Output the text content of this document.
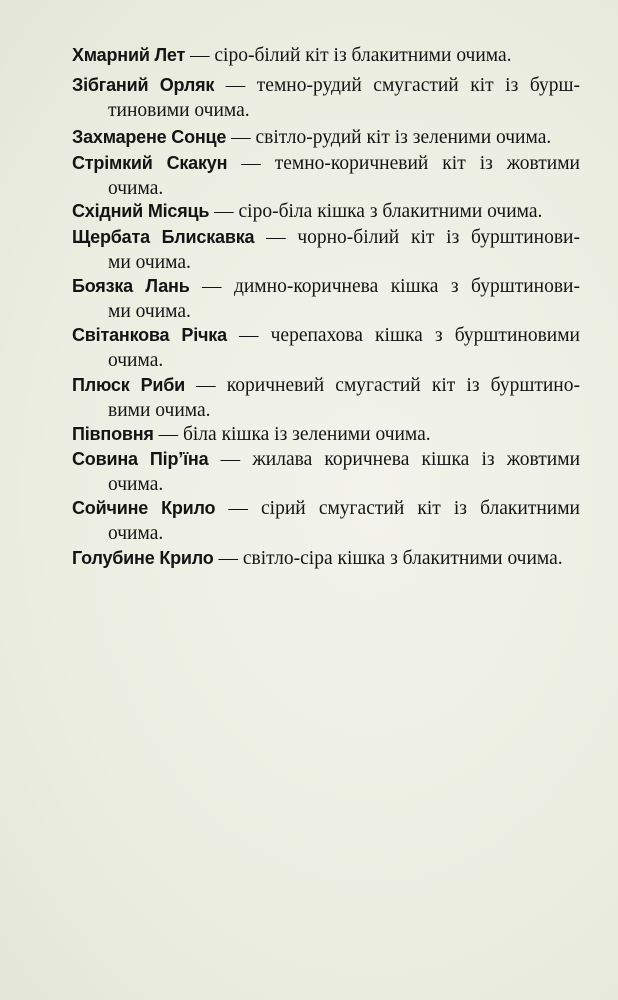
Хмарний Лет — сіро-білий кіт із блакитними очима.
Зібганий Орляк — темно-рудий смугастий кіт із бурш-
тиновими очима.
Захмарене Сонце — світло-рудий кіт із зеленими очима.
Стрімкий Скакун — темно-коричневий кіт із жовтими
очима.
Східний Місяць — сіро-біла кішка з блакитними очима.
Щербата Блискавка — чорно-білий кіт із бурштинови-
ми очима.
Боязка Лань — димно-коричнева кішка з бурштинови-
ми очима.
Світанкова Річка — черепахова кішка з бурштиновими
очима.
Плюск Риби — коричневий смугастий кіт із бурштино-
вими очима.
Півповня — біла кішка із зеленими очима.
Совина Пір’їна — жилава коричнева кішка із жовтими
очима.
Сойчине Крило — сірий смугастий кіт із блакитними
очима.
Голубине Крило — світло-сіра кішка з блакитними очима.
